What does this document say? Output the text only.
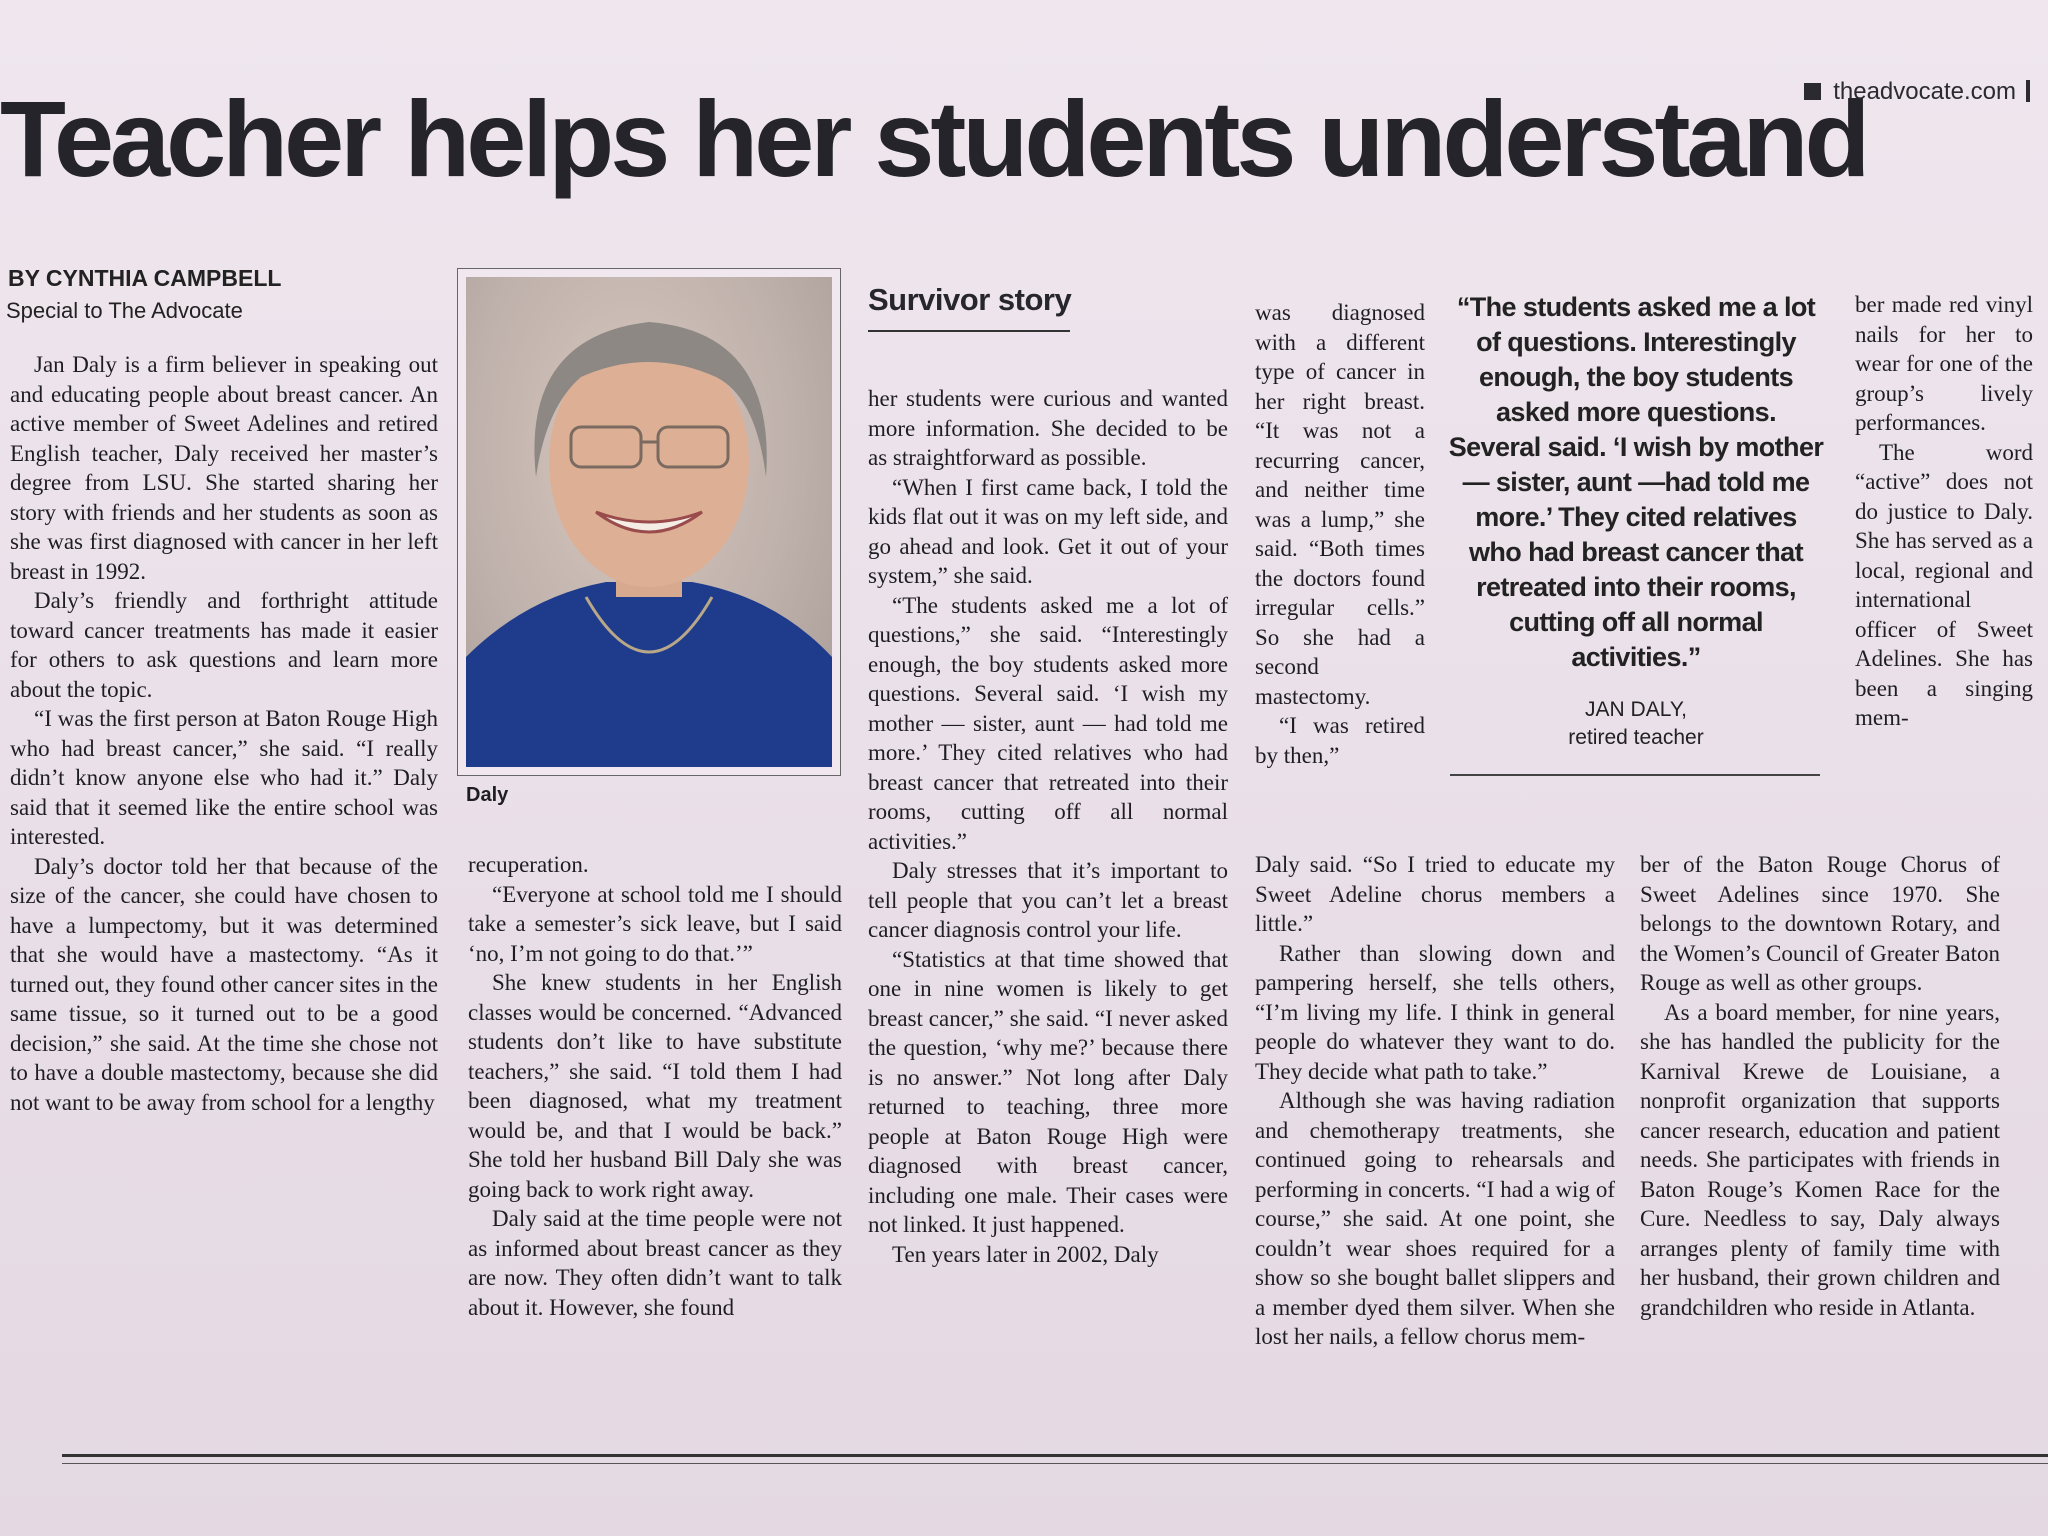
theadvocate.com
Teacher helps her students understand
BY CYNTHIA CAMPBELL
Special to The Advocate

Jan Daly is a firm believer in speaking out and educating people about breast cancer. An active member of Sweet Adelines and retired English teacher, Daly received her master’s degree from LSU. She started sharing her story with friends and her students as soon as she was first diagnosed with cancer in her left breast in 1992.

Daly’s friendly and forthright attitude toward cancer treatments has made it easier for others to ask questions and learn more about the topic.

“I was the first person at Baton Rouge High who had breast cancer,” she said. “I really didn’t know anyone else who had it.” Daly said that it seemed like the entire school was interested.

Daly’s doctor told her that because of the size of the cancer, she could have chosen to have a lumpectomy, but it was determined that she would have a mastectomy. “As it turned out, they found other cancer sites in the same tissue, so it turned out to be a good decision,” she said. At the time she chose not to have a double mastectomy, because she did not want to be away from school for a lengthy

Daly

recuperation.

“Everyone at school told me I should take a semester’s sick leave, but I said ‘no, I’m not going to do that.’”

She knew students in her English classes would be concerned. “Advanced students don’t like to have substitute teachers,” she said. “I told them I had been diagnosed, what my treatment would be, and that I would be back.” She told her husband Bill Daly she was going back to work right away.

Daly said at the time people were not as informed about breast cancer as they are now. They often didn’t want to talk about it. However, she found

Survivor story

her students were curious and wanted more information. She decided to be as straightforward as possible.

“When I first came back, I told the kids flat out it was on my left side, and go ahead and look. Get it out of your system,” she said.

“The students asked me a lot of questions,” she said. “Interestingly enough, the boy students asked more questions. Several said. ‘I wish my mother — sister, aunt — had told me more.’ They cited relatives who had breast cancer that retreated into their rooms, cutting off all normal activities.”

Daly stresses that it’s important to tell people that you can’t let a breast cancer diagnosis control your life.

“Statistics at that time showed that one in nine women is likely to get breast cancer,” she said. “I never asked the question, ‘why me?’ because there is no answer.” Not long after Daly returned to teaching, three more people at Baton Rouge High were diagnosed with breast cancer, including one male. Their cases were not linked. It just happened.

Ten years later in 2002, Daly

was diagnosed with a different type of cancer in her right breast. “It was not a recurring cancer, and neither time was a lump,” she said. “Both times the doctors found irregular cells.” So she had a second mastectomy.

“I was retired by then,”

Daly said. “So I tried to educate my Sweet Adeline chorus members a little.”

Rather than slowing down and pampering herself, she tells others, “I’m living my life. I think in general people do whatever they want to do. They decide what path to take.”

Although she was having radiation and chemotherapy treatments, she continued going to rehearsals and performing in concerts. “I had a wig of course,” she said. At one point, she couldn’t wear shoes required for a show so she bought ballet slippers and a member dyed them silver. When she lost her nails, a fellow chorus mem-

“The students asked me a lot of questions. Interestingly enough, the boy students asked more questions. Several said. ‘I wish by mother — sister, aunt —had told me more.’ They cited relatives who had breast cancer that retreated into their rooms, cutting off all normal activities.”
JAN DALY,
retired teacher

ber made red vinyl nails for her to wear for one of the group’s lively performances.

The word “active” does not do justice to Daly. She has served as a local, regional and international officer of Sweet Adelines. She has been a singing mem-

ber of the Baton Rouge Chorus of Sweet Adelines since 1970. She belongs to the downtown Rotary, and the Women’s Council of Greater Baton Rouge as well as other groups.

As a board member, for nine years, she has handled the publicity for the Karnival Krewe de Louisiane, a nonprofit organization that supports cancer research, education and patient needs. She participates with friends in Baton Rouge’s Komen Race for the Cure. Needless to say, Daly always arranges plenty of family time with her husband, their grown children and grandchildren who reside in Atlanta.
